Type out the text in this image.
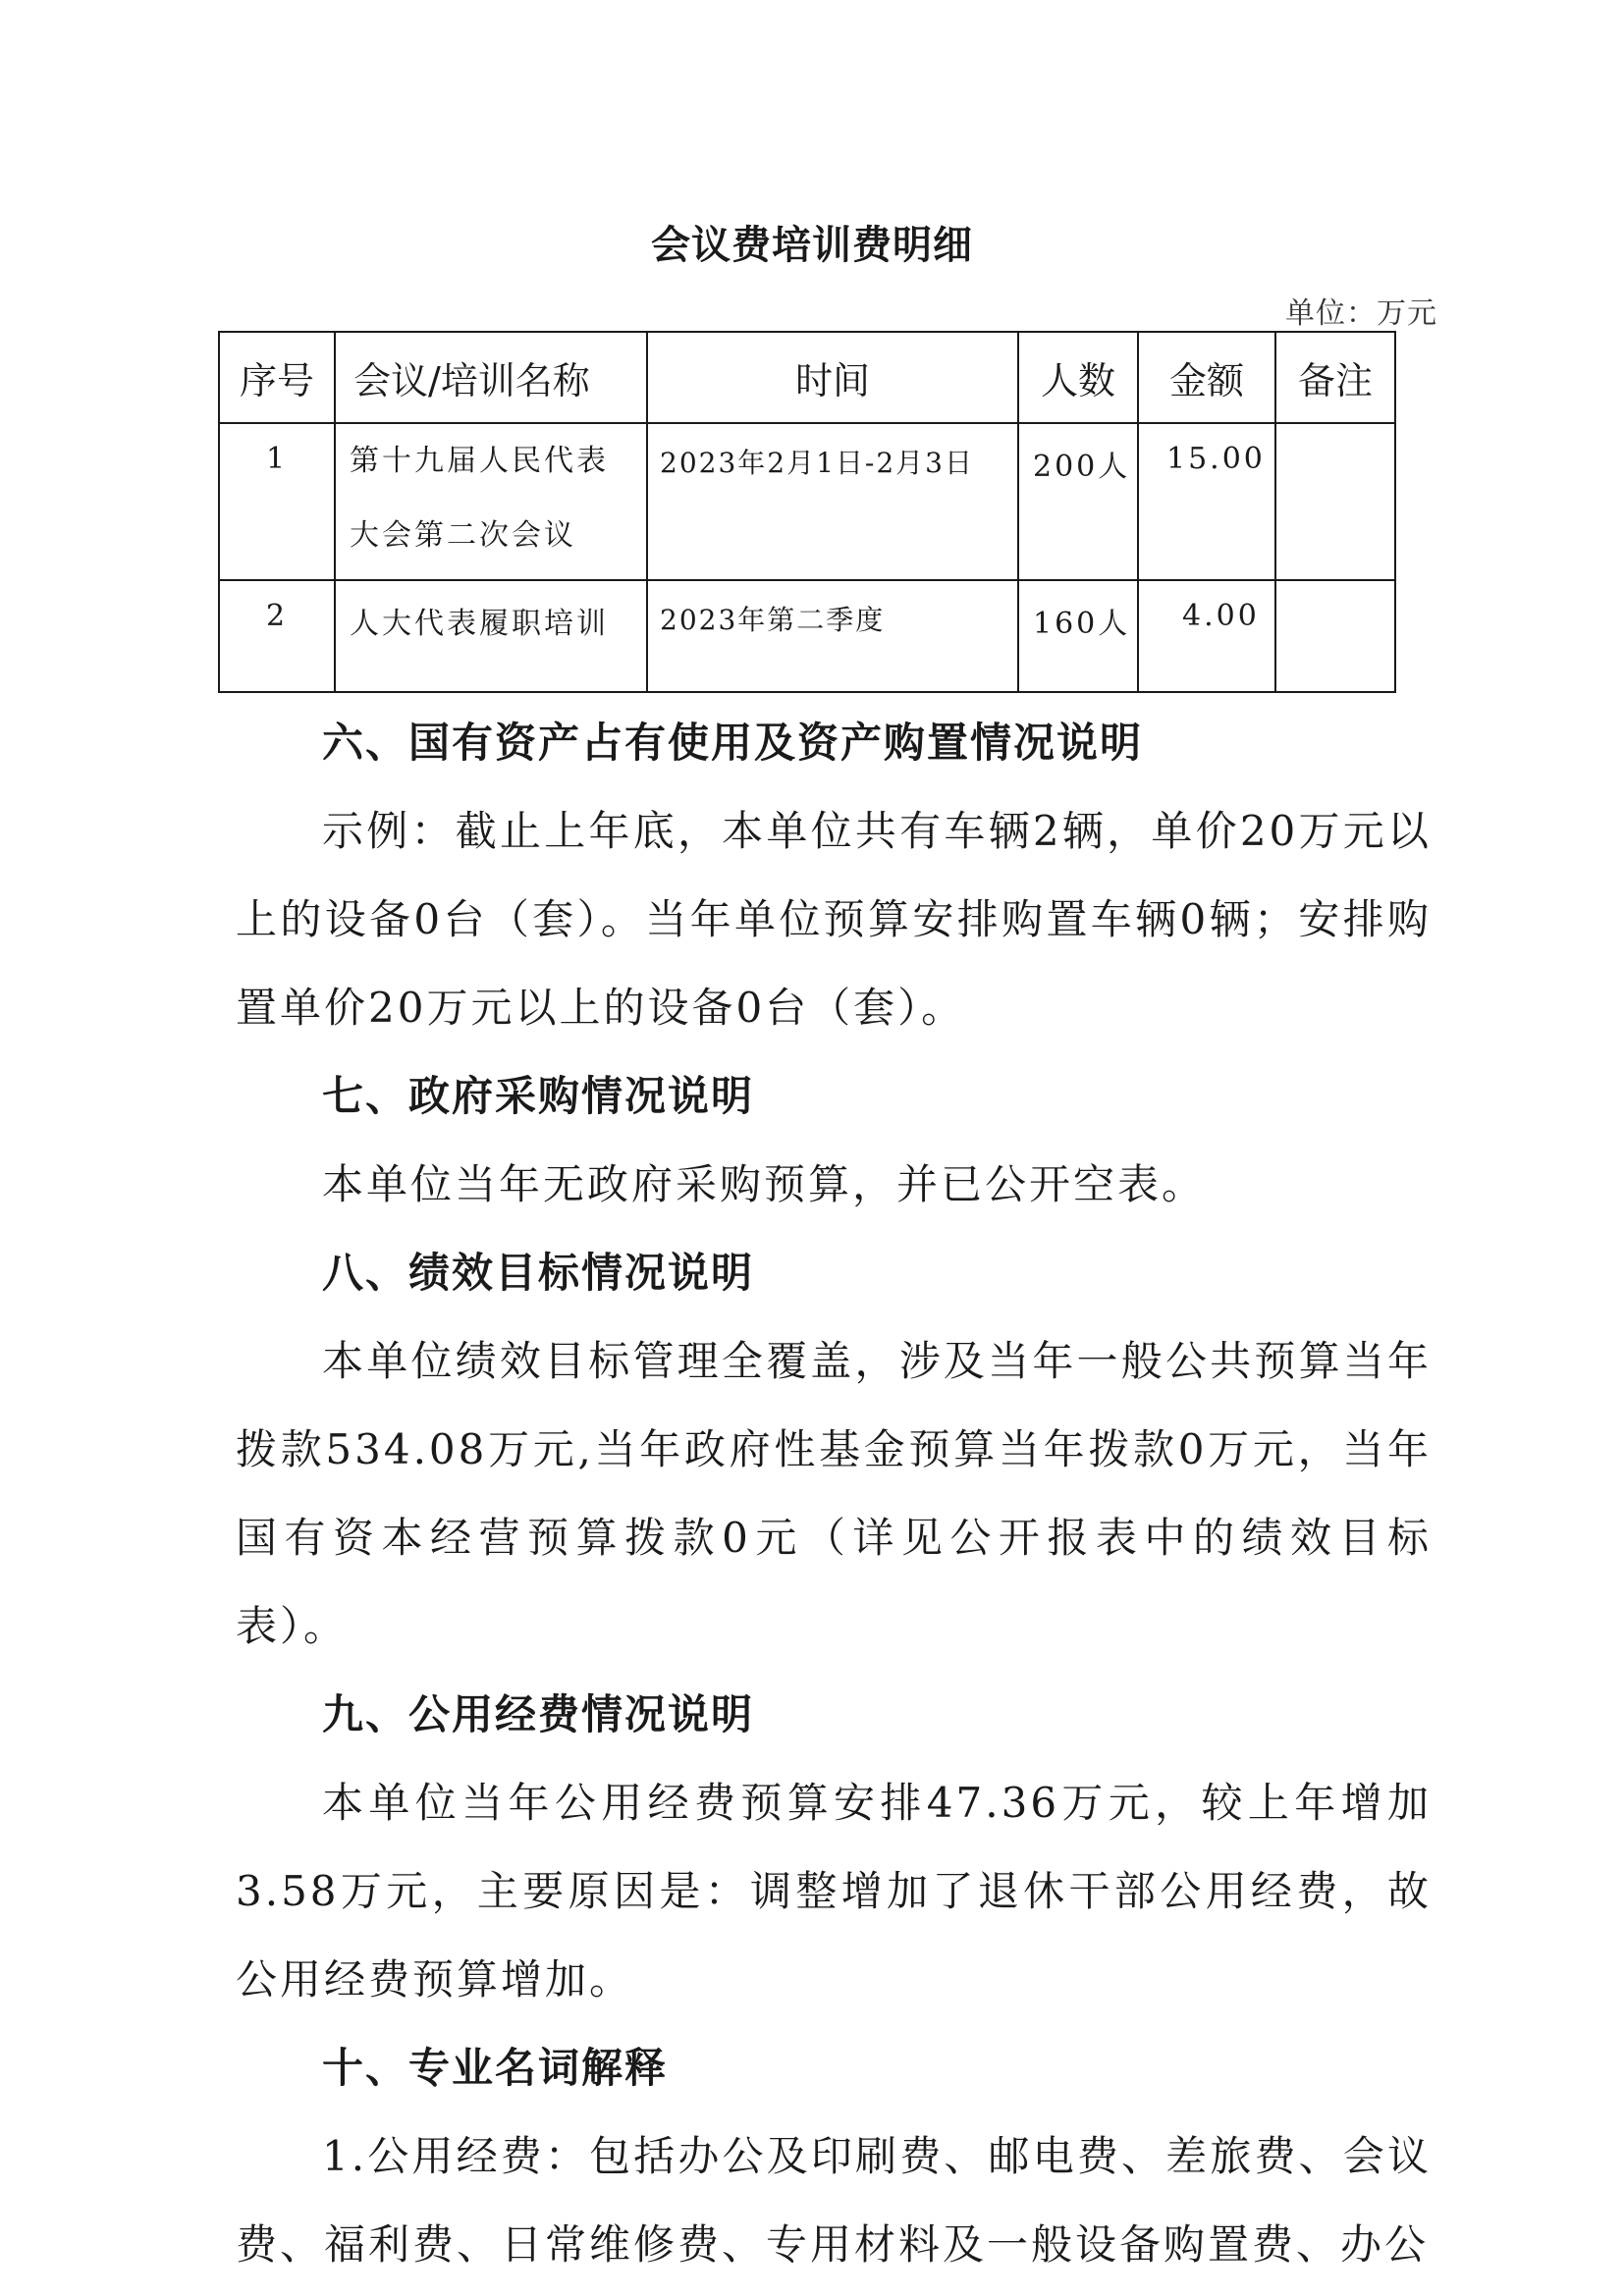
会议费培训费明细
单位：万元
序号	会议/培训名称	时间	人数	金额	备注
1	第十九届人民代表大会第二次会议	2023年2月1日-2月3日	200人	15.00	
2	人大代表履职培训	2023年第二季度	160人	4.00	

六、国有资产占有使用及资产购置情况说明

示例：截止上年底，本单位共有车辆2辆，单价20万元以上的设备0台（套）。当年单位预算安排购置车辆0辆；安排购置单价20万元以上的设备0台（套）。

七、政府采购情况说明

本单位当年无政府采购预算，并已公开空表。

八、绩效目标情况说明

本单位绩效目标管理全覆盖，涉及当年一般公共预算当年拨款534.08万元,当年政府性基金预算当年拨款0万元，当年国有资本经营预算拨款0元（详见公开报表中的绩效目标表）。

九、公用经费情况说明

本单位当年公用经费预算安排47.36万元，较上年增加3.58万元，主要原因是：调整增加了退休干部公用经费，故公用经费预算增加。

十、专业名词解释

1.公用经费：包括办公及印刷费、邮电费、差旅费、会议费、福利费、日常维修费、专用材料及一般设备购置费、办公
